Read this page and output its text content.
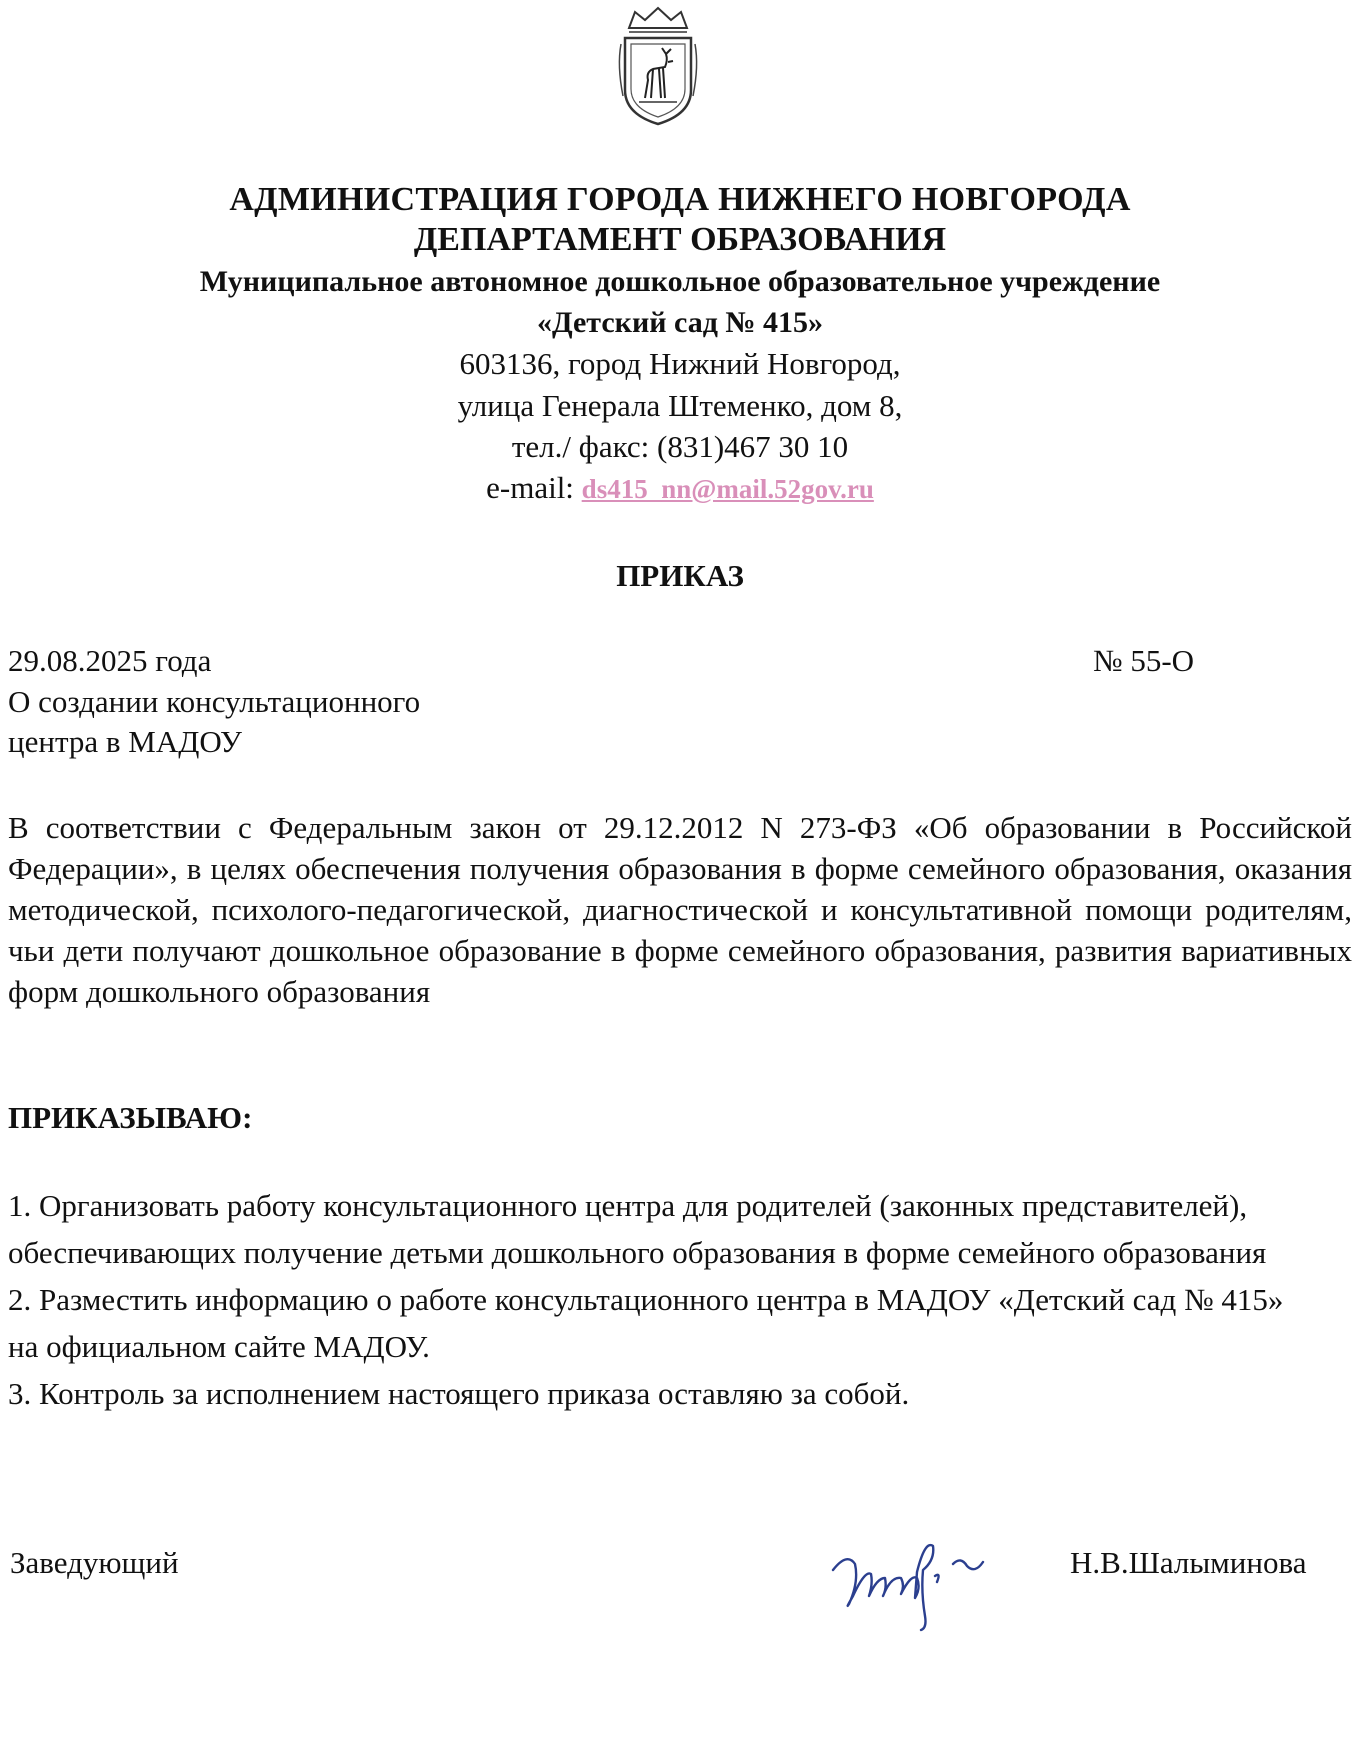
АДМИНИСТРАЦИЯ ГОРОДА НИЖНЕГО НОВГОРОДА
ДЕПАРТАМЕНТ ОБРАЗОВАНИЯ
Муниципальное автономное дошкольное образовательное учреждение
«Детский сад № 415»
603136, город Нижний Новгород,
улица Генерала Штеменко, дом 8,
тел./ факс: (831)467 30 10
e-mail: ds415_nn@mail.52gov.ru
ПРИКАЗ
29.08.2025 года	№ 55-О
О создании консультационного
центра в МАДОУ
В соответствии с Федеральным закон от 29.12.2012 N 273-ФЗ «Об образовании в Российской Федерации», в целях обеспечения получения образования в форме семейного образования, оказания методической, психолого-педагогической, диагностической и консультативной помощи родителям, чьи дети получают дошкольное образование в форме семейного образования, развития вариативных форм дошкольного образования
ПРИКАЗЫВАЮ:

1. Организовать работу консультационного центра для родителей (законных представителей), обеспечивающих получение детьми дошкольного образования в форме семейного образования

2. Разместить информацию о работе консультационного центра в МАДОУ «Детский сад № 415» на официальном сайте МАДОУ.

3. Контроль за исполнением настоящего приказа оставляю за собой.

Заведующий	Н.В.Шалыминова
